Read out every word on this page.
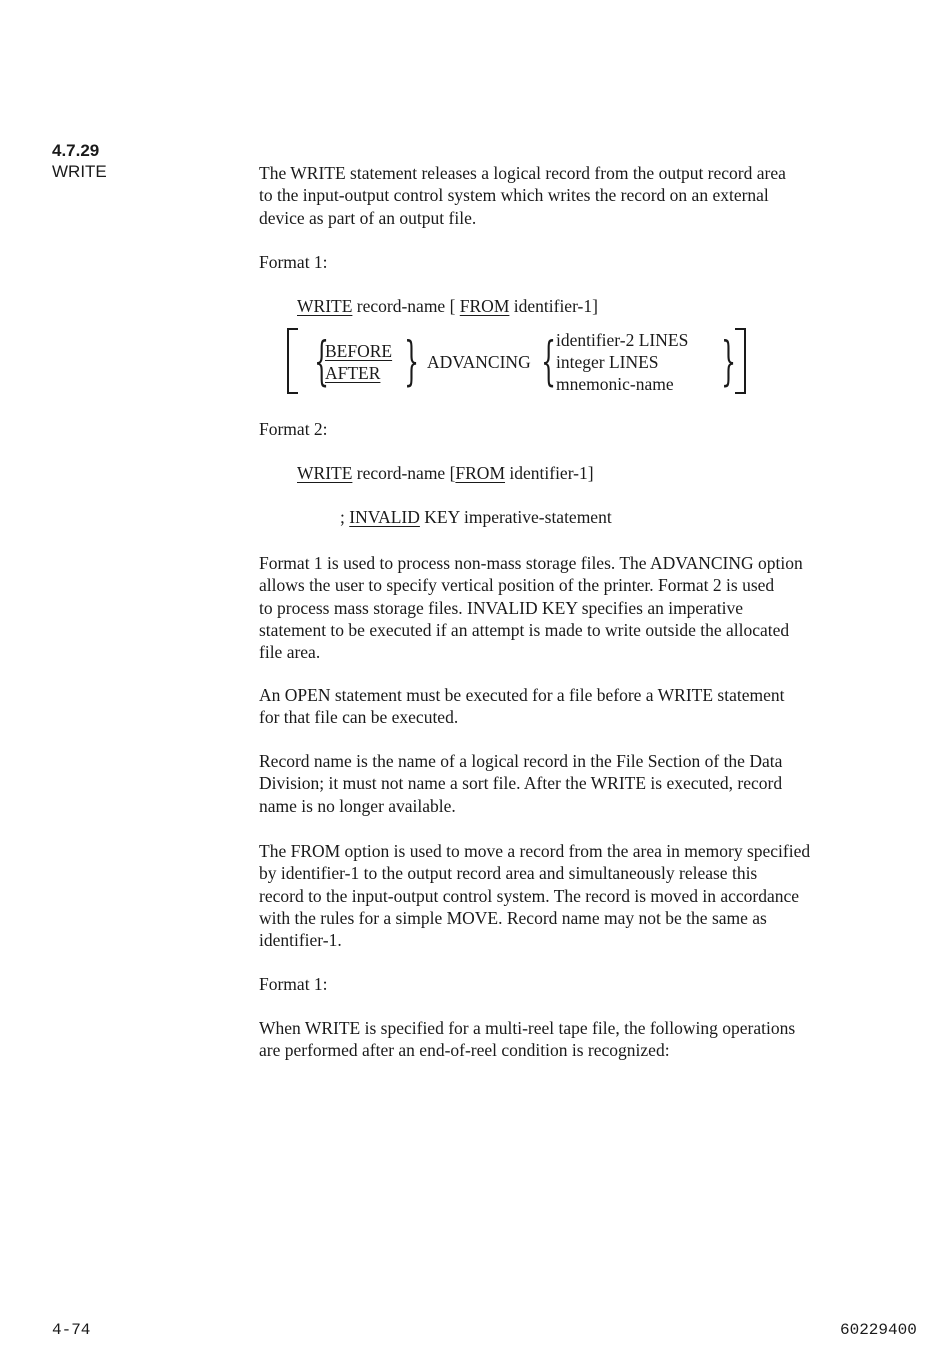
4.7.29
WRITE	The WRITE statement releases a logical record from the output record area
to the input-output control system which writes the record on an external
device as part of an output file.
Format 1:
WRITE record-name [ FROM identifier-1]
{
BEFORE
AFTER } ADVANCING { identifier-2 LINES
integer LINES
mnemonic-name }
Format 2:
WRITE record-name [FROM identifier-1]
; INVALID KEY imperative-statement
Format 1 is used to process non-mass storage files. The ADVANCING option
allows the user to specify vertical position of the printer. Format 2 is used
to process mass storage files. INVALID KEY specifies an imperative
statement to be executed if an attempt is made to write outside the allocated
file area.
An OPEN statement must be executed for a file before a WRITE statement
for that file can be executed.
Record name is the name of a logical record in the File Section of the Data
Division; it must not name a sort file. After the WRITE is executed, record
name is no longer available.
The FROM option is used to move a record from the area in memory specified
by identifier-1 to the output record area and simultaneously release this
record to the input-output control system. The record is moved in accordance
with the rules for a simple MOVE. Record name may not be the same as
identifier-1.
Format 1:
When WRITE is specified for a multi-reel tape file, the following operations
are performed after an end-of-reel condition is recognized:
4-74	60229400
